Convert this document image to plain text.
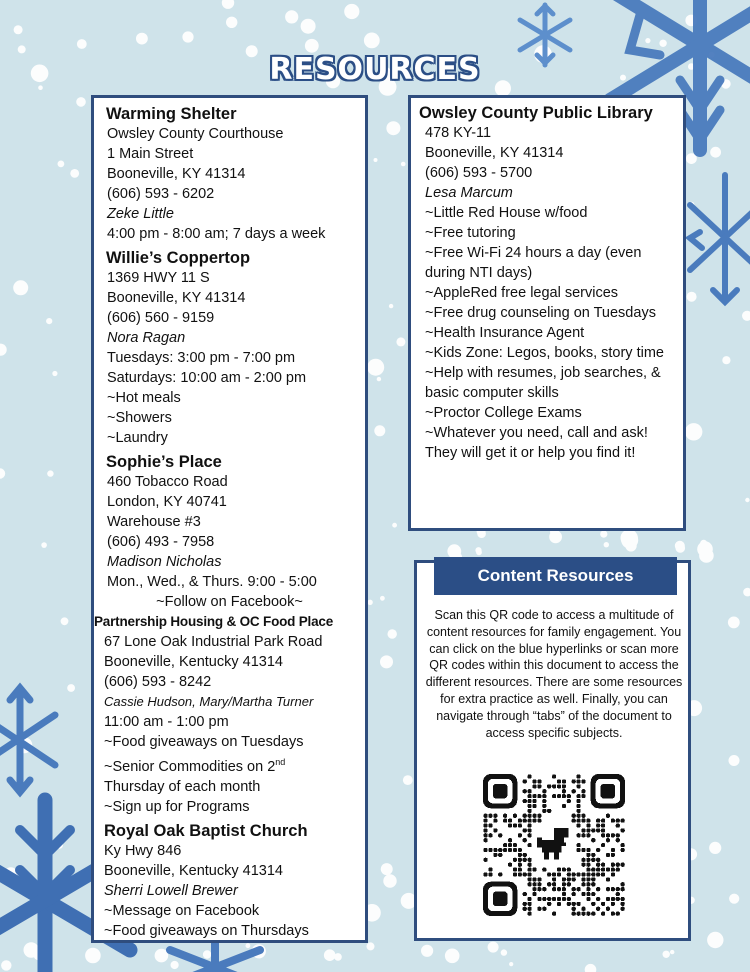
RESOURCES
Warming Shelter
Owsley County Courthouse
1 Main Street
Booneville, KY 41314
(606) 593 - 6202
Zeke Little
4:00 pm - 8:00 am; 7 days a week
Willie’s Coppertop
1369 HWY 11 S
Booneville, KY 41314
(606) 560 - 9159
Nora Ragan
Tuesdays: 3:00 pm - 7:00 pm
Saturdays: 10:00 am - 2:00 pm
~Hot meals
~Showers
~Laundry
Sophie’s Place
460 Tobacco Road
London, KY 40741
Warehouse #3
(606) 493 - 7958
Madison Nicholas
Mon., Wed., & Thurs. 9:00 - 5:00
~Follow on Facebook~
Partnership Housing & OC Food Place
67 Lone Oak Industrial Park Road
Booneville, Kentucky 41314
(606) 593 - 8242
Cassie Hudson, Mary/Martha Turner
11:00 am - 1:00 pm
~Food giveaways on Tuesdays
~Senior Commodities on 2nd
Thursday of each month
~Sign up for Programs
Royal Oak Baptist Church
Ky Hwy 846
Booneville, Kentucky 41314
Sherri Lowell Brewer
~Message on Facebook
~Food giveaways on Thursdays
Owsley County Public Library
478 KY-11
Booneville, KY 41314
(606) 593 - 5700
Lesa Marcum
~Little Red House w/food
~Free tutoring
~Free Wi-Fi 24 hours a day (even during NTI days)
~AppleRed free legal services
~Free drug counseling on Tuesdays
~Health Insurance Agent
~Kids Zone: Legos, books, story time
~Help with resumes, job searches, & basic computer skills
~Proctor College Exams
~Whatever you need, call and ask! They will get it or help you find it!
Content Resources
Scan this QR code to access a multitude of content resources for family engagement. You can click on the blue hyperlinks or scan more QR codes within this document to access the different resources. There are some resources for extra practice as well. Finally, you can navigate through “tabs” of the document to access specific subjects.
